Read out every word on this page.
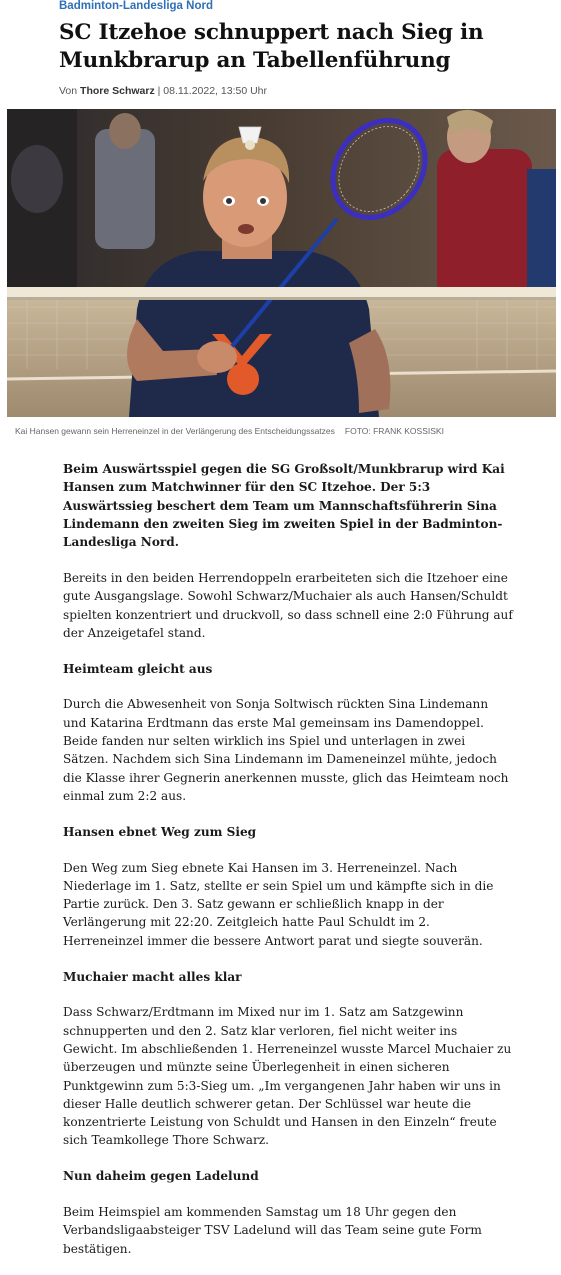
Badminton-Landesliga Nord
SC Itzehoe schnuppert nach Sieg in Munkbrarup an Tabellenführung
Von Thore Schwarz | 08.11.2022, 13:50 Uhr
Kai Hansen gewann sein Herreneinzel in der Verlängerung des Entscheidungssatzes FOTO: FRANK KOSSISKI

Beim Auswärtsspiel gegen die SG Großsolt/Munkbrarup wird Kai Hansen zum Matchwinner für den SC Itzehoe. Der 5:3 Auswärtssieg beschert dem Team um Mannschaftsführerin Sina Lindemann den zweiten Sieg im zweiten Spiel in der Badminton-Landesliga Nord.

Bereits in den beiden Herrendoppeln erarbeiteten sich die Itzehoer eine gute Ausgangslage. Sowohl Schwarz/Muchaier als auch Hansen/Schuldt spielten konzentriert und druckvoll, so dass schnell eine 2:0 Führung auf der Anzeigetafel stand.

Heimteam gleicht aus

Durch die Abwesenheit von Sonja Soltwisch rückten Sina Lindemann und Katarina Erdtmann das erste Mal gemeinsam ins Damendoppel. Beide fanden nur selten wirklich ins Spiel und unterlagen in zwei Sätzen. Nachdem sich Sina Lindemann im Dameneinzel mühte, jedoch die Klasse ihrer Gegnerin anerkennen musste, glich das Heimteam noch einmal zum 2:2 aus.

Hansen ebnet Weg zum Sieg

Den Weg zum Sieg ebnete Kai Hansen im 3. Herreneinzel. Nach Niederlage im 1. Satz, stellte er sein Spiel um und kämpfte sich in die Partie zurück. Den 3. Satz gewann er schließlich knapp in der Verlängerung mit 22:20. Zeitgleich hatte Paul Schuldt im 2. Herreneinzel immer die bessere Antwort parat und siegte souverän.

Muchaier macht alles klar

Dass Schwarz/Erdtmann im Mixed nur im 1. Satz am Satzgewinn schnupperten und den 2. Satz klar verloren, fiel nicht weiter ins Gewicht. Im abschließenden 1. Herreneinzel wusste Marcel Muchaier zu überzeugen und münzte seine Überlegenheit in einen sicheren Punktgewinn zum 5:3-Sieg um. „Im vergangenen Jahr haben wir uns in dieser Halle deutlich schwerer getan. Der Schlüssel war heute die konzentrierte Leistung von Schuldt und Hansen in den Einzeln“ freute sich Teamkollege Thore Schwarz.

Nun daheim gegen Ladelund

Beim Heimspiel am kommenden Samstag um 18 Uhr gegen den Verbandsligaabsteiger TSV Ladelund will das Team seine gute Form bestätigen.
